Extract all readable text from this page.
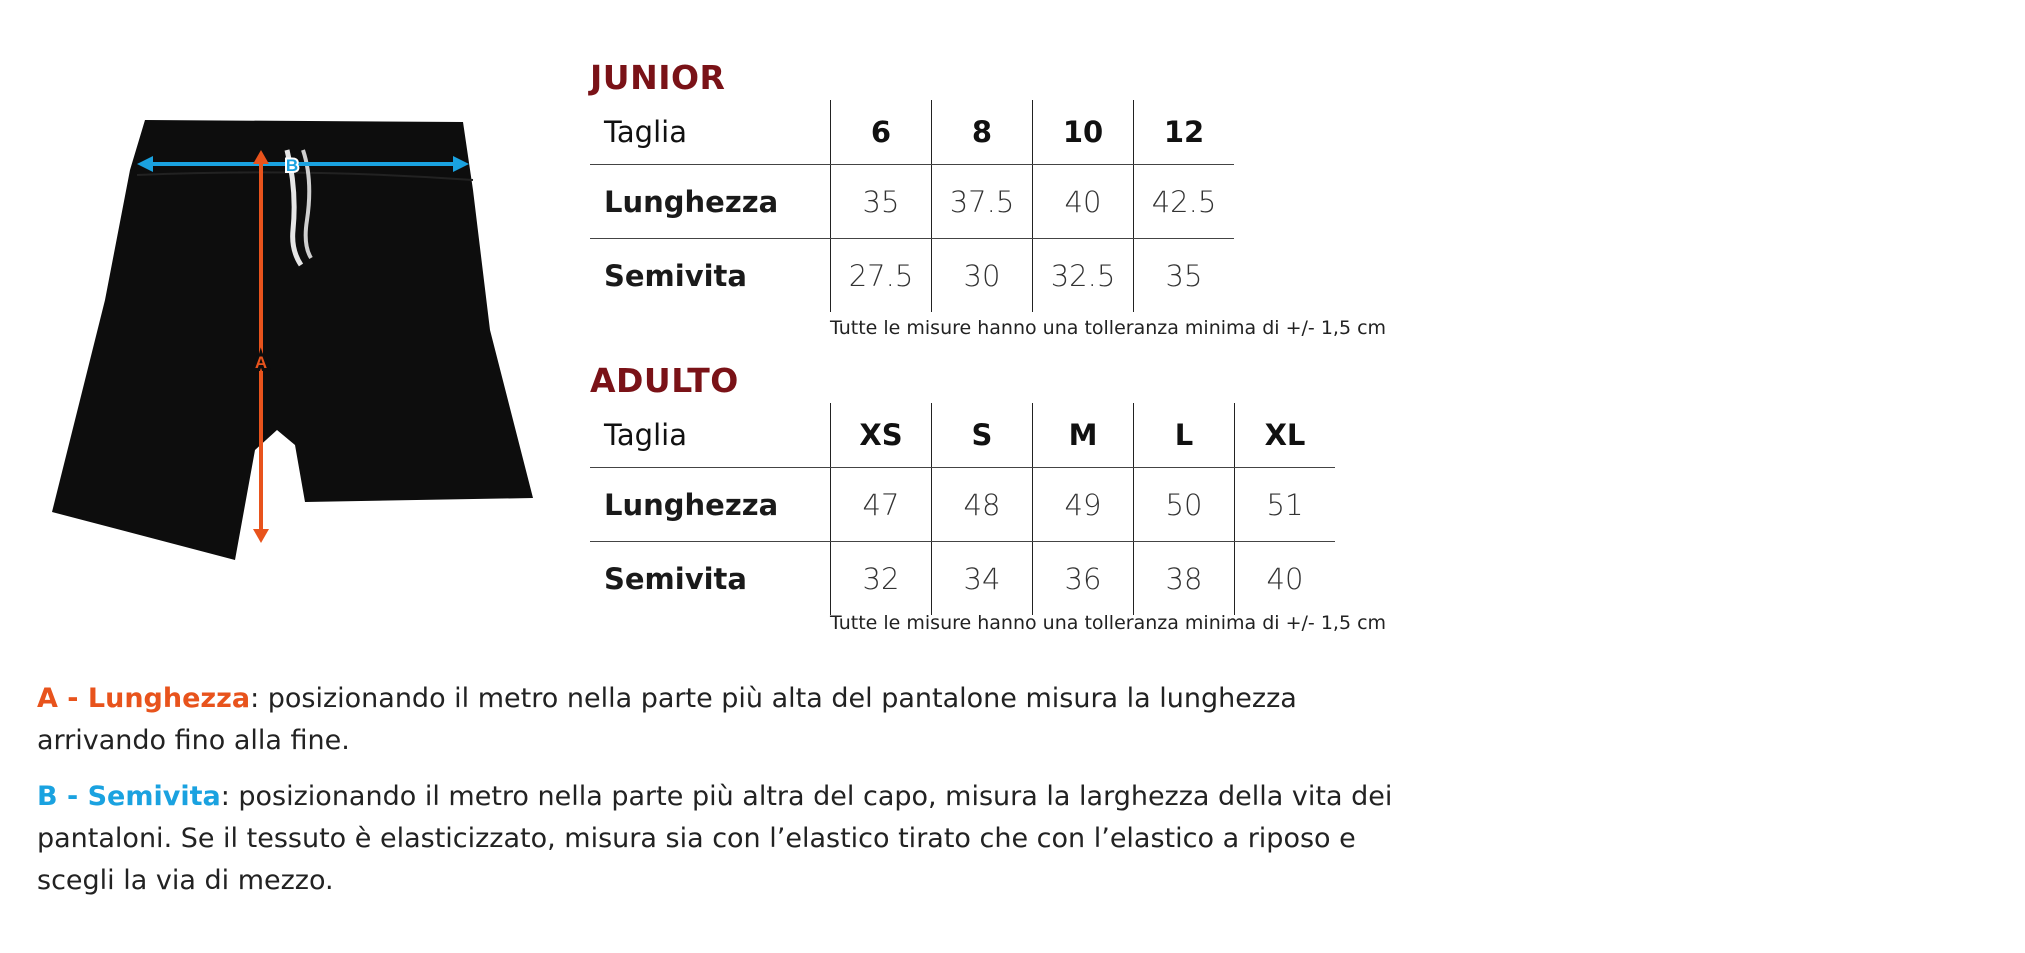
A
B
JUNIOR
Taglia	6	8	10	12
Lunghezza	35	37.5	40	42.5
Semivita	27.5	30	32.5	35
Tutte le misure hanno una tolleranza minima di +/- 1,5 cm
ADULTO
Taglia	XS	S	M	L	XL
Lunghezza	47	48	49	50	51
Semivita	32	34	36	38	40
Tutte le misure hanno una tolleranza minima di +/- 1,5 cm
A - Lunghezza: posizionando il metro nella parte più alta del pantalone misura la lunghezza arrivando fino alla fine.
B - Semivita: posizionando il metro nella parte più altra del capo, misura la larghezza della vita dei pantaloni. Se il tessuto è elasticizzato, misura sia con l’elastico tirato che con l’elastico a riposo e scegli la via di mezzo.
